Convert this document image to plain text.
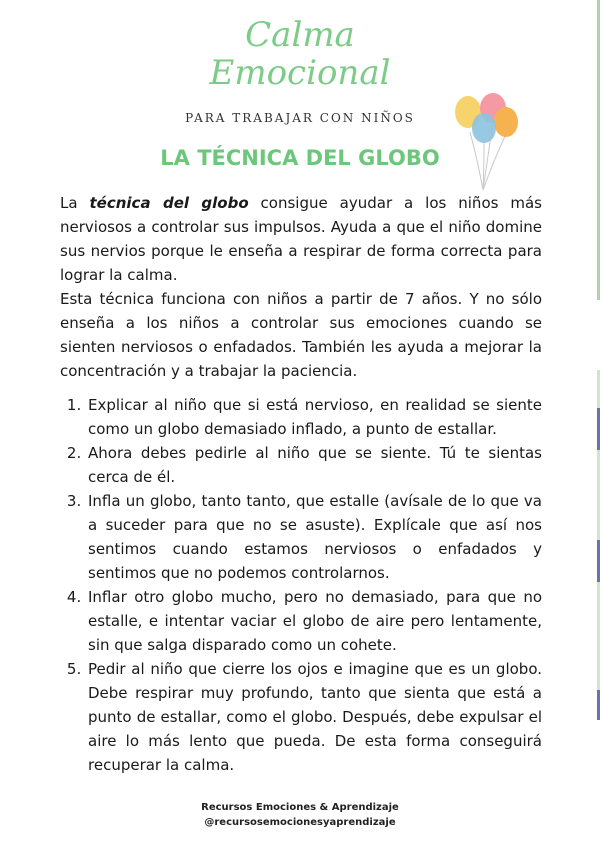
Calma
Emocional
PARA TRABAJAR CON NIÑOS
LA TÉCNICA DEL GLOBO

La técnica del globo consigue ayudar a los niños más nerviosos a controlar sus impulsos. Ayuda a que el niño domine sus nervios porque le enseña a respirar de forma correcta para lograr la calma.

Esta técnica funciona con niños a partir de 7 años. Y no sólo enseña a los niños a controlar sus emociones cuando se sienten nerviosos o enfadados. También les ayuda a mejorar la concentración y a trabajar la paciencia.

1. Explicar al niño que si está nervioso, en realidad se siente como un globo demasiado inflado, a punto de estallar.
2. Ahora debes pedirle al niño que se siente. Tú te sientas cerca de él.
3. Infla un globo, tanto tanto, que estalle (avísale de lo que va a suceder para que no se asuste). Explícale que así nos sentimos cuando estamos nerviosos o enfadados y sentimos que no podemos controlarnos.
4. Inflar otro globo mucho, pero no demasiado, para que no estalle, e intentar vaciar el globo de aire pero lentamente, sin que salga disparado como un cohete.
5. Pedir al niño que cierre los ojos e imagine que es un globo. Debe respirar muy profundo, tanto que sienta que está a punto de estallar, como el globo. Después, debe expulsar el aire lo más lento que pueda. De esta forma conseguirá recuperar la calma.
Recursos Emociones & Aprendizaje
@recursosemocionesyaprendizaje
